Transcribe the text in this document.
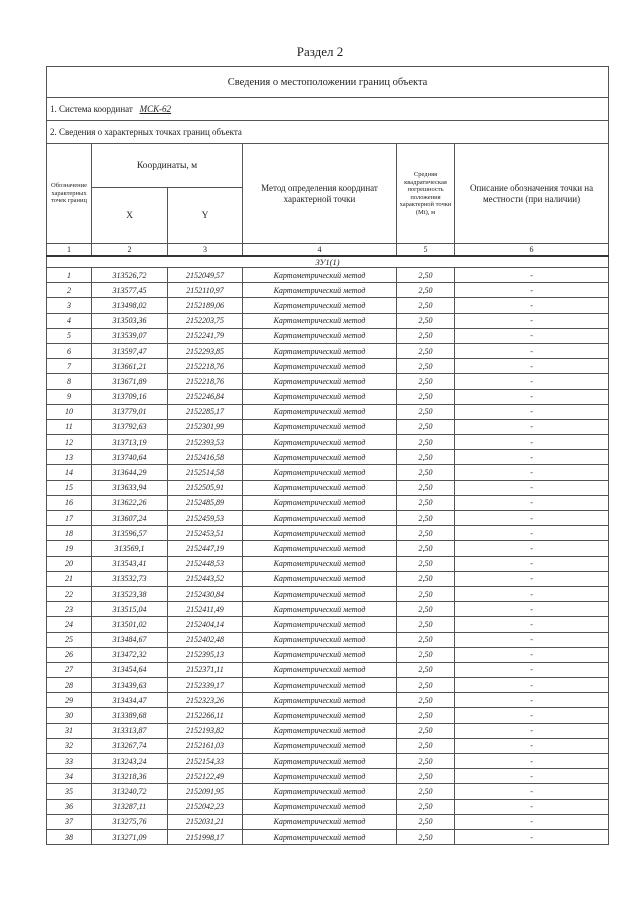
Раздел 2
Сведения о местоположении границ объекта					
1. Система координат МСК-62					
2. Сведения о характерных точках границ объекта					
Обозначение характерных точек границ	Координаты, м		Метод определения координат характерной точки	Средняя квадратическая погрешность положения характерной точки (Mt), м	Описание обозначения точки на местности (при наличии)
	X	Y			
1	2	3	4	5	6
ЗУ1(1)					
1	313526,72	2152049,57	Картометрический метод	2,50	-
2	313577,45	2152110,97	Картометрический метод	2,50	-
3	313498,02	2152189,06	Картометрический метод	2,50	-
4	313503,36	2152203,75	Картометрический метод	2,50	-
5	313539,07	2152241,79	Картометрический метод	2,50	-
6	313597,47	2152293,85	Картометрический метод	2,50	-
7	313661,21	2152218,76	Картометрический метод	2,50	-
8	313671,89	2152218,76	Картометрический метод	2,50	-
9	313709,16	2152246,84	Картометрический метод	2,50	-
10	313779,01	2152285,17	Картометрический метод	2,50	-
11	313792,63	2152301,99	Картометрический метод	2,50	-
12	313713,19	2152393,53	Картометрический метод	2,50	-
13	313740,64	2152416,58	Картометрический метод	2,50	-
14	313644,29	2152514,58	Картометрический метод	2,50	-
15	313633,94	2152505,91	Картометрический метод	2,50	-
16	313622,26	2152485,89	Картометрический метод	2,50	-
17	313607,24	2152459,53	Картометрический метод	2,50	-
18	313596,57	2152453,51	Картометрический метод	2,50	-
19	313569,1	2152447,19	Картометрический метод	2,50	-
20	313543,41	2152448,53	Картометрический метод	2,50	-
21	313532,73	2152443,52	Картометрический метод	2,50	-
22	313523,38	2152430,84	Картометрический метод	2,50	-
23	313515,04	2152411,49	Картометрический метод	2,50	-
24	313501,02	2152404,14	Картометрический метод	2,50	-
25	313484,67	2152402,48	Картометрический метод	2,50	-
26	313472,32	2152395,13	Картометрический метод	2,50	-
27	313454,64	2152371,11	Картометрический метод	2,50	-
28	313439,63	2152339,17	Картометрический метод	2,50	-
29	313434,47	2152323,26	Картометрический метод	2,50	-
30	313389,68	2152266,11	Картометрический метод	2,50	-
31	313313,87	2152193,82	Картометрический метод	2,50	-
32	313267,74	2152161,03	Картометрический метод	2,50	-
33	313243,24	2152154,33	Картометрический метод	2,50	-
34	313218,36	2152122,49	Картометрический метод	2,50	-
35	313240,72	2152091,95	Картометрический метод	2,50	-
36	313287,11	2152042,23	Картометрический метод	2,50	-
37	313275,76	2152031,21	Картометрический метод	2,50	-
38	313271,09	2151998,17	Картометрический метод	2,50	-
